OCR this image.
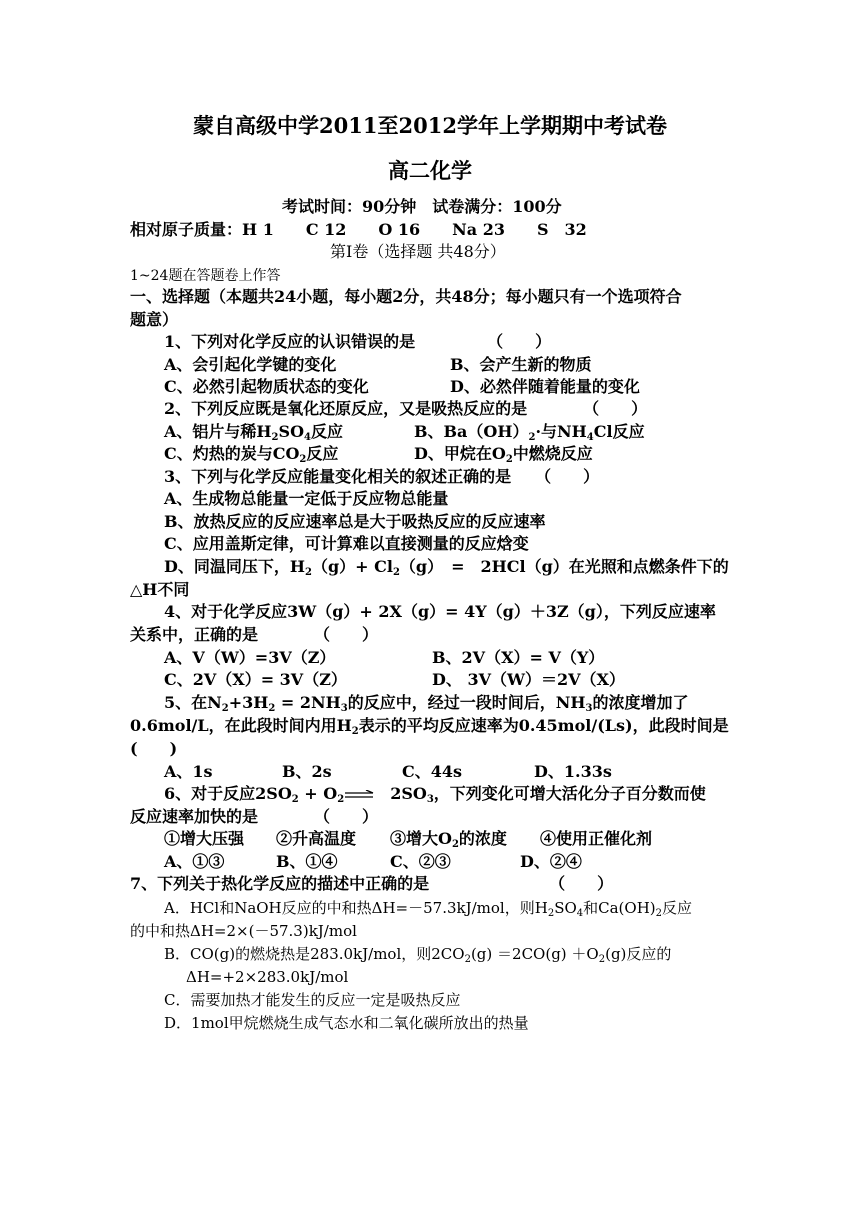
蒙自高级中学2011至2012学年上学期期中考试卷
高二化学
考试时间：90分钟　试卷满分：100分
相对原子质量：H 1　　C 12　　O 16　　Na 23　　S　32
第Ⅰ卷（选择题 共48分）
1~24题在答题卷上作答
一、选择题（本题共24小题，每小题2分，共48分；每小题只有一个选项符合
题意）
1、下列对化学反应的认识错误的是　　　　　（　　）
A、会引起化学键的变化	B、会产生新的物质
C、必然引起物质状态的变化	D、必然伴随着能量的变化
2、下列反应既是氧化还原反应，又是吸热反应的是　　　　（　　）
A、铝片与稀$H_2SO_4$反应	B、$Ba(OH)_2\cdot$与$NH_4Cl$反应
C、灼热的炭与$CO_2$反应	D、甲烷在$O_2$中燃烧反应
3、下列与化学反应能量变化相关的叙述正确的是　　（　　）
A、生成物总能量一定低于反应物总能量
B、放热反应的反应速率总是大于吸热反应的反应速率
C、应用盖斯定律，可计算难以直接测量的反应焓变
D、同温同压下，$H_2(g)+ Cl_2(g)$　=　2HCl（g）在光照和点燃条件下的
△H不同
4、对于化学反应3W（g）+ 2X（g）= 4Y（g）＋3Z（g），下列反应速率
关系中，正确的是　　　　（　　）
A、V（W）=3V（Z）	B、2V（X）= V（Y）
C、2V（X）= 3V（Z）	D、 3V（W）＝2V（X）
5、在$N_2+3H_2 = 2NH_3$的反应中，经过一段时间后，$NH_3$的浓度增加了
0.6mol/L，在此段时间内用$H_2$表示的平均反应速率为0.45mol/(Ls)，此段时间是
(　　)
A、1s	B、2s	C、44s	D、1.33s
6、对于反应$2SO_2 + O_2$　$2SO_3$，下列变化可增大活化分子百分数而使
反应速率加快的是　　　　（　　）
①增大压强 ②升高温度 ③增大$O_2$的浓度 ④使用正催化剂
A、①③	B、①④	C、②③	D、②④
7、下列关于热化学反应的描述中正确的是　　　　　　　　（　　）
A．HCl和NaOH反应的中和热ΔH=－57.3kJ/mol，则$H_2SO_4$和$Ca(OH)_2$反应
的中和热ΔH=2×(－57.3)kJ/mol
B．CO(g)的燃烧热是283.0kJ/mol，则$2CO_2(g) =2CO(g) +O_2(g)$反应的
ΔH=+2×283.0kJ/mol
C．需要加热才能发生的反应一定是吸热反应
D．1mol甲烷燃烧生成气态水和二氧化碳所放出的热量
